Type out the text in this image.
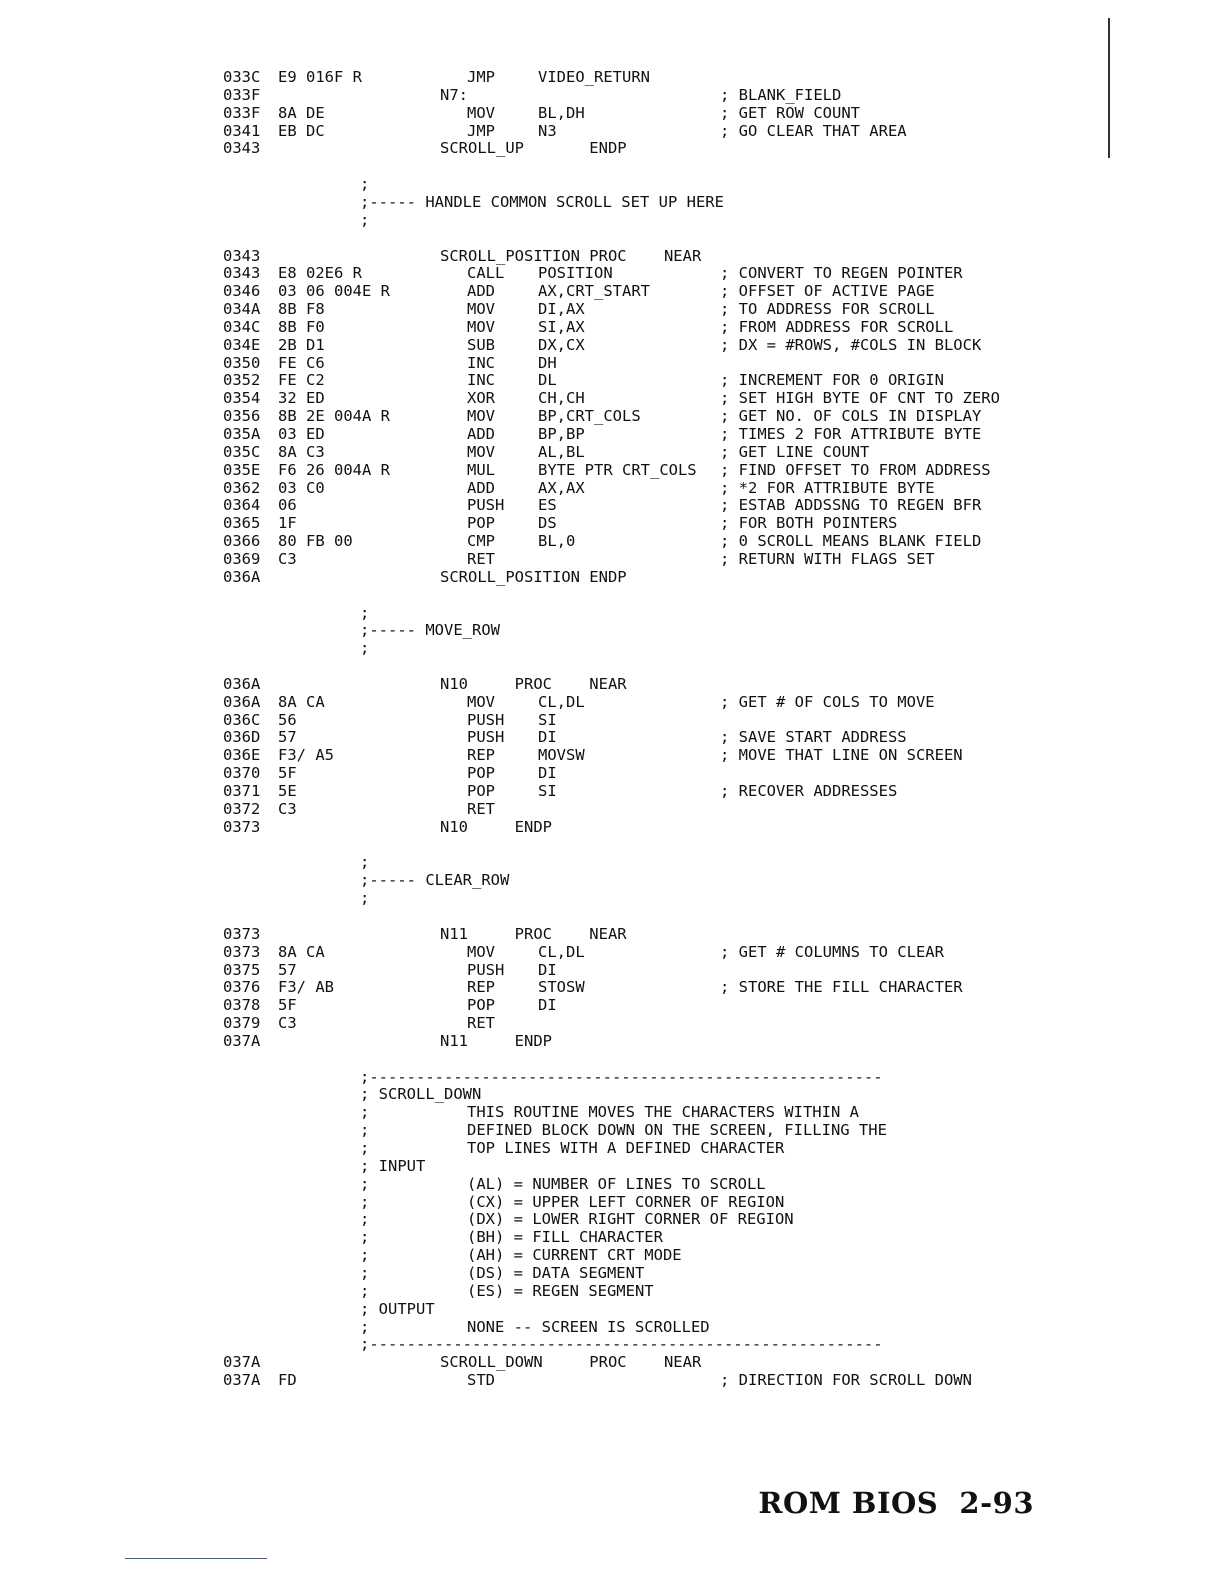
033C E9 016F R	JMP	VIDEO_RETURN
033F	N7:	; BLANK_FIELD
033F 8A DE	MOV	BL,DH	; GET ROW COUNT
0341 EB DC	JMP	N3	; GO CLEAR THAT AREA
0343	SCROLL_UP       ENDP
;
;----- HANDLE COMMON SCROLL SET UP HERE
;
0343	SCROLL_POSITION PROC    NEAR
0343 E8 02E6 R	CALL POSITION	; CONVERT TO REGEN POINTER
0346 03 06 004E R	ADD	AX,CRT_START	; OFFSET OF ACTIVE PAGE
034A 8B F8	MOV	DI,AX	; TO ADDRESS FOR SCROLL
034C 8B F0	MOV	SI,AX	; FROM ADDRESS FOR SCROLL
034E 2B D1	SUB	DX,CX	; DX = #ROWS, #COLS IN BLOCK
0350 FE C6	INC	DH
0352 FE C2	INC	DL	; INCREMENT FOR 0 ORIGIN
0354 32 ED	XOR	CH,CH	; SET HIGH BYTE OF CNT TO ZERO
0356 8B 2E 004A R	MOV	BP,CRT_COLS	; GET NO. OF COLS IN DISPLAY
035A 03 ED	ADD	BP,BP	; TIMES 2 FOR ATTRIBUTE BYTE
035C 8A C3	MOV	AL,BL	; GET LINE COUNT
035E F6 26 004A R	MUL	BYTE PTR CRT_COLS ; FIND OFFSET TO FROM ADDRESS
0362 03 C0	ADD	AX,AX	; *2 FOR ATTRIBUTE BYTE
0364 06	PUSH ES	; ESTAB ADDSSNG TO REGEN BFR
0365 1F	POP	DS	; FOR BOTH POINTERS
0366 80 FB 00	CMP	BL,0	; 0 SCROLL MEANS BLANK FIELD
0369 C3	RET	; RETURN WITH FLAGS SET
036A	SCROLL_POSITION ENDP
;
;----- MOVE_ROW
;
036A	N10     PROC    NEAR
036A 8A CA	MOV	CL,DL	; GET # OF COLS TO MOVE
036C 56	PUSH SI
036D 57	PUSH DI	; SAVE START ADDRESS
036E F3/ A5	REP	MOVSW	; MOVE THAT LINE ON SCREEN
0370 5F	POP	DI
0371 5E	POP	SI	; RECOVER ADDRESSES
0372 C3	RET
0373	N10     ENDP
;
;----- CLEAR_ROW
;
0373	N11     PROC    NEAR
0373 8A CA	MOV	CL,DL	; GET # COLUMNS TO CLEAR
0375 57	PUSH DI
0376 F3/ AB	REP	STOSW	; STORE THE FILL CHARACTER
0378 5F	POP	DI
0379 C3	RET
037A	N11     ENDP
;-------------------------------------------------------
; SCROLL_DOWN
;	THIS ROUTINE MOVES THE CHARACTERS WITHIN A
;	DEFINED BLOCK DOWN ON THE SCREEN, FILLING THE
;	TOP LINES WITH A DEFINED CHARACTER
; INPUT
;	(AL) = NUMBER OF LINES TO SCROLL
;	(CX) = UPPER LEFT CORNER OF REGION
;	(DX) = LOWER RIGHT CORNER OF REGION
;	(BH) = FILL CHARACTER
;	(AH) = CURRENT CRT MODE
;	(DS) = DATA SEGMENT
;	(ES) = REGEN SEGMENT
; OUTPUT
;	NONE -- SCREEN IS SCROLLED
;-------------------------------------------------------
037A	SCROLL_DOWN     PROC    NEAR
037A FD	STD	; DIRECTION FOR SCROLL DOWN
ROM BIOS 2-93
